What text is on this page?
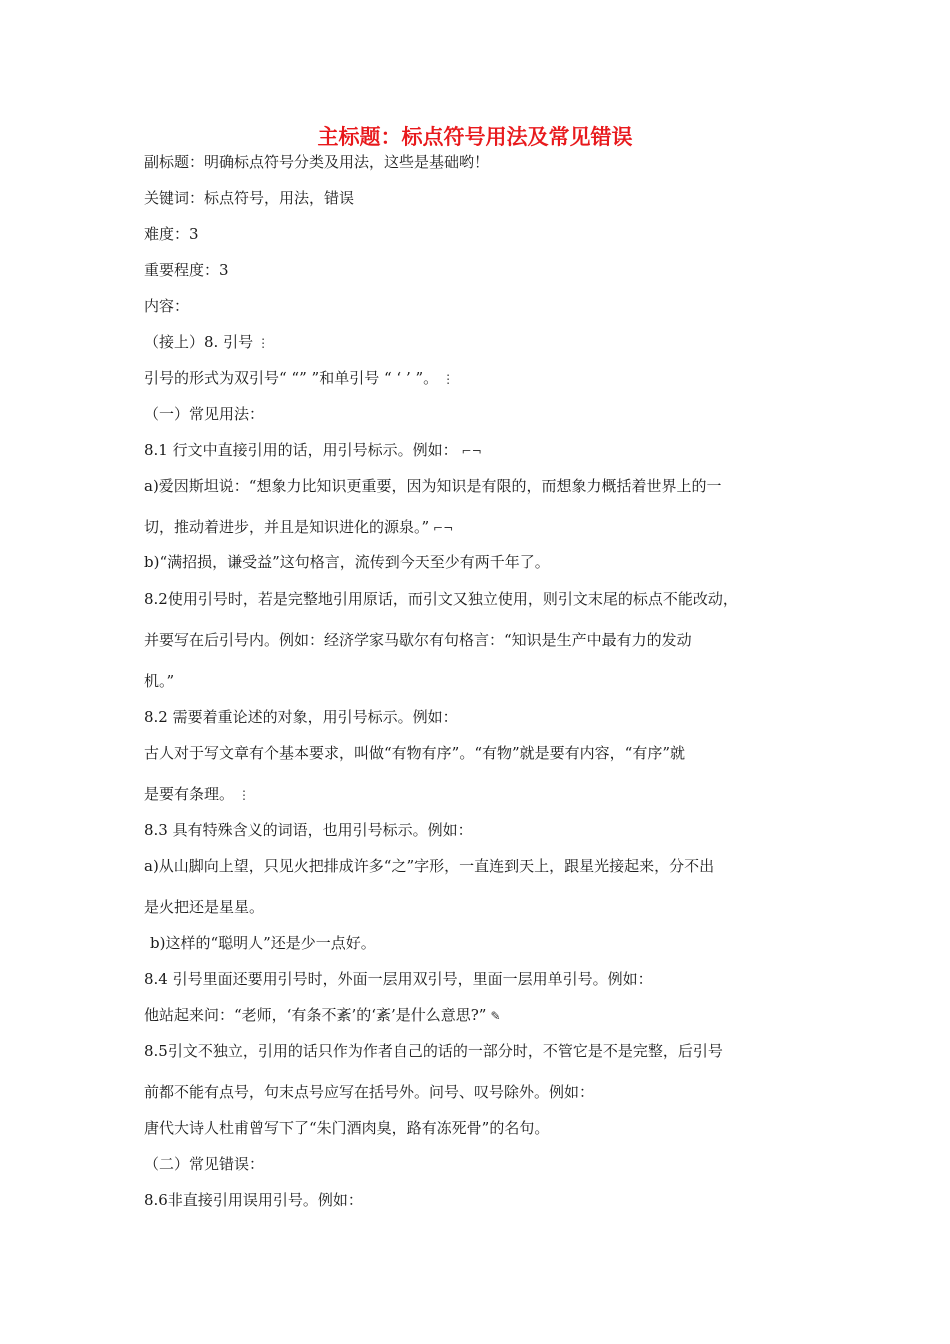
主标题：标点符号用法及常见错误
副标题：明确标点符号分类及用法，这些是基础哟！
关键词：标点符号，用法，错误
难度：3
重要程度：3
内容：
（接上）8. 引号 ⋮
引号的形式为双引号“ “” ”和单引号 “ ‘ ’ ”。 ⋮
（一）常见用法：
8.1 行文中直接引用的话，用引号标示。例如： ⌐¬
a)爱因斯坦说：“想象力比知识更重要，因为知识是有限的，而想象力概括着世界上的一
切，推动着进步，并且是知识进化的源泉。” ⌐¬
b)“满招损，谦受益”这句格言，流传到今天至少有两千年了。
8.2使用引号时，若是完整地引用原话，而引文又独立使用，则引文末尾的标点不能改动，
并要写在后引号内。例如：经济学家马歇尔有句格言：“知识是生产中最有力的发动
机。”
8.2 需要着重论述的对象，用引号标示。例如：
古人对于写文章有个基本要求，叫做“有物有序”。“有物”就是要有内容，“有序”就
是要有条理。 ⋮
8.3 具有特殊含义的词语，也用引号标示。例如：
a)从山脚向上望，只见火把排成许多“之”字形，一直连到天上，跟星光接起来，分不出
是火把还是星星。
b)这样的“聪明人”还是少一点好。
8.4 引号里面还要用引号时，外面一层用双引号，里面一层用单引号。例如：
他站起来问：“老师，‘有条不紊’的‘紊’是什么意思?” ✎
8.5引文不独立，引用的话只作为作者自己的话的一部分时，不管它是不是完整，后引号
前都不能有点号，句末点号应写在括号外。问号、叹号除外。例如：
唐代大诗人杜甫曾写下了“朱门酒肉臭，路有冻死骨”的名句。
（二）常见错误：
8.6非直接引用误用引号。例如：
